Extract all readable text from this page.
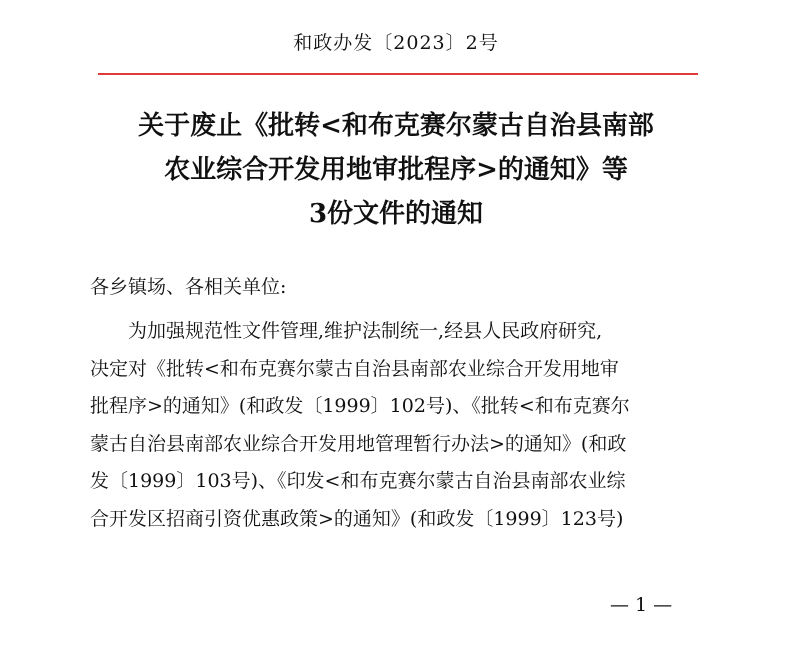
和政办发〔2023〕2号
关于废止《批转<和布克赛尔蒙古自治县南部
农业综合开发用地审批程序>的通知》等
3份文件的通知
各乡镇场、各相关单位:
为加强规范性文件管理,维护法制统一,经县人民政府研究,
决定对《批转<和布克赛尔蒙古自治县南部农业综合开发用地审
批程序>的通知》(和政发〔1999〕102号)、《批转<和布克赛尔
蒙古自治县南部农业综合开发用地管理暂行办法>的通知》(和政
发〔1999〕103号)、《印发<和布克赛尔蒙古自治县南部农业综
合开发区招商引资优惠政策>的通知》(和政发〔1999〕123号)
— 1 —
